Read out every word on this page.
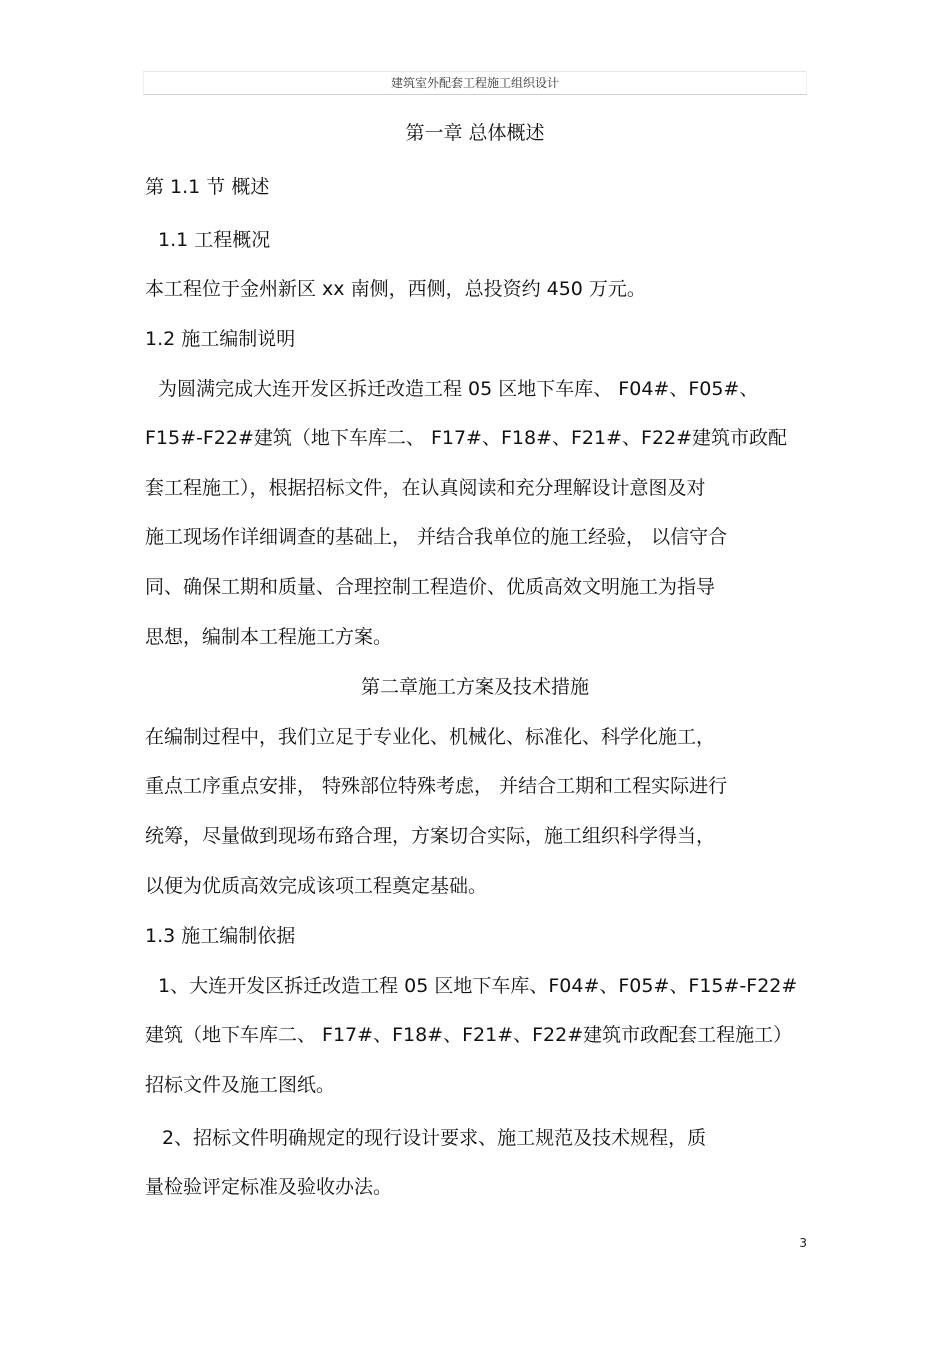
建筑室外配套工程施工组织设计
第一章 总体概述
第 1.1 节 概述
1.1 工程概况
本工程位于金州新区 xx 南侧，西侧，总投资约 450 万元。
1.2 施工编制说明
为圆满完成大连开发区拆迁改造工程 05 区地下车库、 F04#、F05#、
F15#-F22#建筑（地下车库二、 F17#、F18#、F21#、F22#建筑市政配
套工程施工），根据招标文件，在认真阅读和充分理解设计意图及对
施工现场作详细调查的基础上， 并结合我单位的施工经验， 以信守合
同、确保工期和质量、合理控制工程造价、优质高效文明施工为指导
思想，编制本工程施工方案。
第二章施工方案及技术措施
在编制过程中，我们立足于专业化、机械化、标准化、科学化施工，
重点工序重点安排， 特殊部位特殊考虑， 并结合工期和工程实际进行
统筹，尽量做到现场布臵合理，方案切合实际，施工组织科学得当，
以便为优质高效完成该项工程奠定基础。
1.3 施工编制依据
1、大连开发区拆迁改造工程 05 区地下车库、F04#、F05#、F15#-F22#
建筑（地下车库二、 F17#、F18#、F21#、F22#建筑市政配套工程施工）
招标文件及施工图纸。
2、招标文件明确规定的现行设计要求、施工规范及技术规程，质
量检验评定标准及验收办法。
3
